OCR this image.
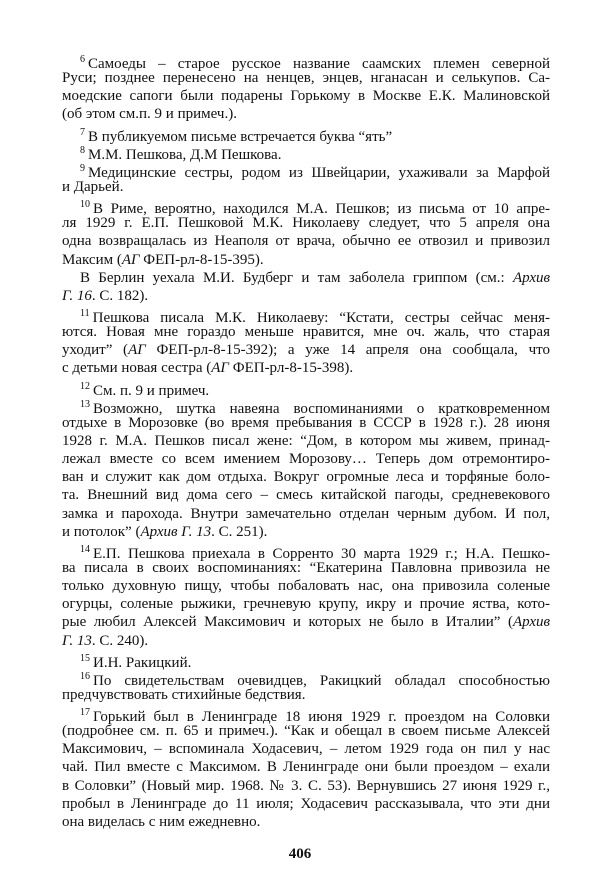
$^6$ Самоеды – старое русское название саамских племен северной
Руси; позднее перенесено на ненцев, энцев, нганасан и селькупов. Са-
моедские сапоги были подарены Горькому в Москве Е.К. Малиновской
(об этом см.п. 9 и примеч.).
$^7$ В публикуемом письме встречается буква “ять”
$^8$ М.М. Пешкова, Д.М Пешкова.
$^9$ Медицинские сестры, родом из Швейцарии, ухаживали за Марфой
и Дарьей.
$^{10}$ В Риме, вероятно, находился М.А. Пешков; из письма от 10 апре-
ля 1929 г. Е.П. Пешковой М.К. Николаеву следует, что 5 апреля она
одна возвращалась из Неаполя от врача, обычно ее отвозил и привозил
Максим (АГ ФЕП-рл-8-15-395).
В Берлин уехала М.И. Будберг и там заболела гриппом (см.: Архив
Г. 16. С. 182).
$^{11}$ Пешкова писала М.К. Николаеву: “Кстати, сестры сейчас меня-
ются. Новая мне гораздо меньше нравится, мне оч. жаль, что старая
уходит” (АГ ФЕП-рл-8-15-392); а уже 14 апреля она сообщала, что
с детьми новая сестра (АГ ФЕП-рл-8-15-398).
$^{12}$ См. п. 9 и примеч.
$^{13}$ Возможно, шутка навеяна воспоминаниями о кратковременном
отдыхе в Морозовке (во время пребывания в СССР в 1928 г.). 28 июня
1928 г. М.А. Пешков писал жене: “Дом, в котором мы живем, принад-
лежал вместе со всем имением Морозову… Теперь дом отремонтиро-
ван и служит как дом отдыха. Вокруг огромные леса и торфяные боло-
та. Внешний вид дома сего – смесь китайской пагоды, средневекового
замка и парохода. Внутри замечательно отделан черным дубом. И пол,
и потолок” (Архив Г. 13. С. 251).
$^{14}$ Е.П. Пешкова приехала в Сорренто 30 марта 1929 г.; Н.А. Пешко-
ва писала в своих воспоминаниях: “Екатерина Павловна привозила не
только духовную пищу, чтобы побаловать нас, она привозила соленые
огурцы, соленые рыжики, гречневую крупу, икру и прочие яства, кото-
рые любил Алексей Максимович и которых не было в Италии” (Архив
Г. 13. С. 240).
$^{15}$ И.Н. Ракицкий.
$^{16}$ По свидетельствам очевидцев, Ракицкий обладал способностью
предчувствовать стихийные бедствия.
$^{17}$ Горький был в Ленинграде 18 июня 1929 г. проездом на Соловки
(подробнее см. п. 65 и примеч.). “Как и обещал в своем письме Алексей
Максимович, – вспоминала Ходасевич, – летом 1929 года он пил у нас
чай. Пил вместе с Максимом. В Ленинграде они были проездом – ехали
в Соловки” (Новый мир. 1968. № 3. С. 53). Вернувшись 27 июня 1929 г.,
пробыл в Ленинграде до 11 июля; Ходасевич рассказывала, что эти дни
она виделась с ним ежедневно.
406
